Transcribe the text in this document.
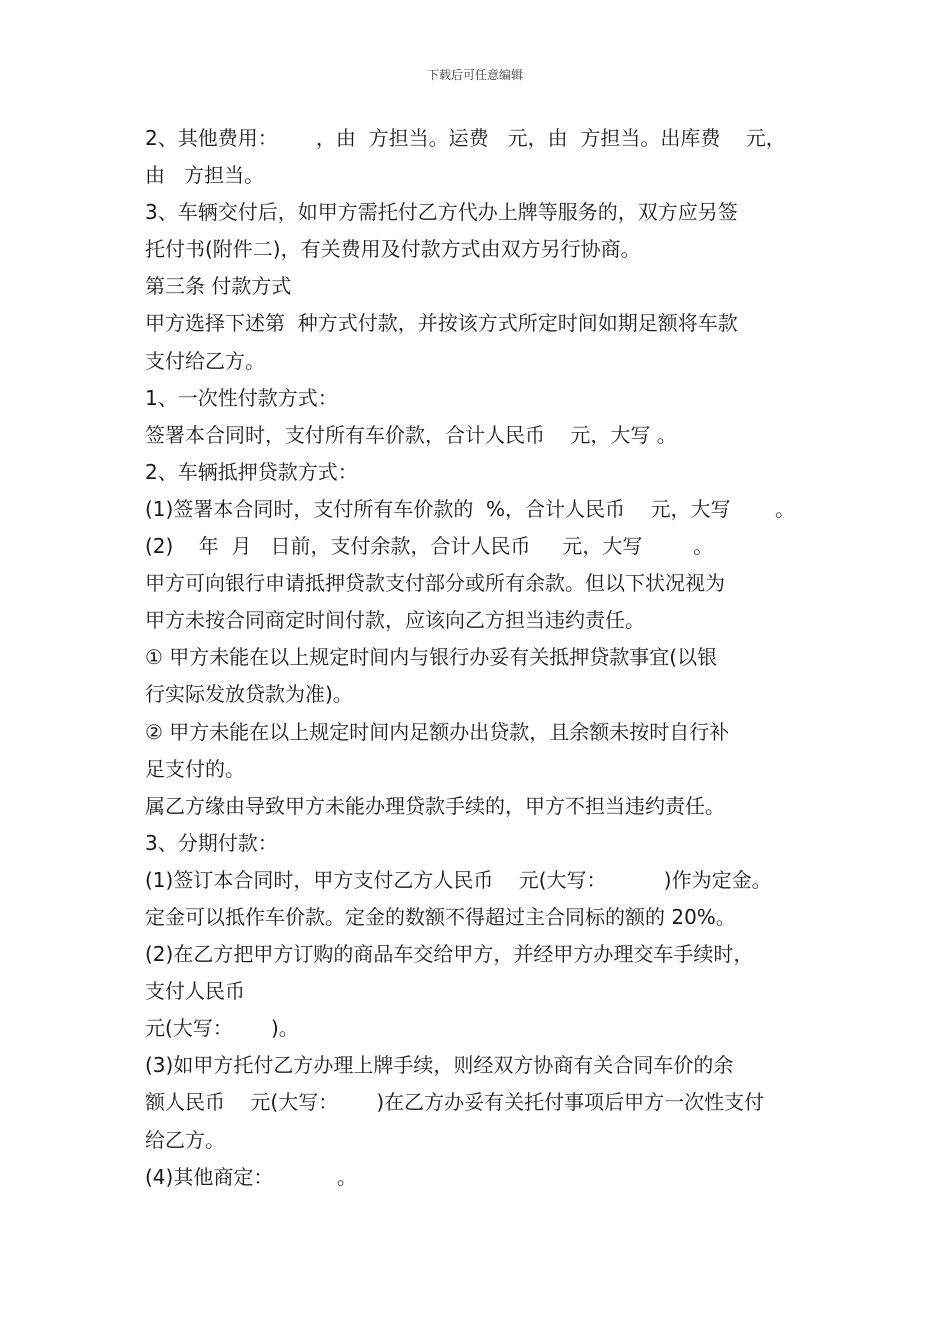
下载后可任意编辑
2、其他费用：      ，由  方担当。运费   元，由  方担当。出库费    元，
由   方担当。
3、车辆交付后，如甲方需托付乙方代办上牌等服务的，双方应另签
托付书(附件二)，有关费用及付款方式由双方另行协商。
第三条 付款方式
甲方选择下述第  种方式付款，并按该方式所定时间如期足额将车款
支付给乙方。
1、一次性付款方式：
签署本合同时，支付所有车价款，合计人民币    元，大写 。
2、车辆抵押贷款方式：
(1)签署本合同时，支付所有车价款的  %，合计人民币    元，大写       。
(2)    年  月   日前，支付余款，合计人民币     元，大写        。
甲方可向银行申请抵押贷款支付部分或所有余款。但以下状况视为
甲方未按合同商定时间付款，应该向乙方担当违约责任。
① 甲方未能在以上规定时间内与银行办妥有关抵押贷款事宜(以银
行实际发放贷款为准)。
② 甲方未能在以上规定时间内足额办出贷款，且余额未按时自行补
足支付的。
属乙方缘由导致甲方未能办理贷款手续的，甲方不担当违约责任。
3、分期付款：
(1)签订本合同时，甲方支付乙方人民币    元(大写：         )作为定金。
定金可以抵作车价款。定金的数额不得超过主合同标的额的 20%。
(2)在乙方把甲方订购的商品车交给甲方，并经甲方办理交车手续时，
支付人民币
元(大写：      )。
(3)如甲方托付乙方办理上牌手续，则经双方协商有关合同车价的余
额人民币    元(大写：      )在乙方办妥有关托付事项后甲方一次性支付
给乙方。
(4)其他商定：          。
